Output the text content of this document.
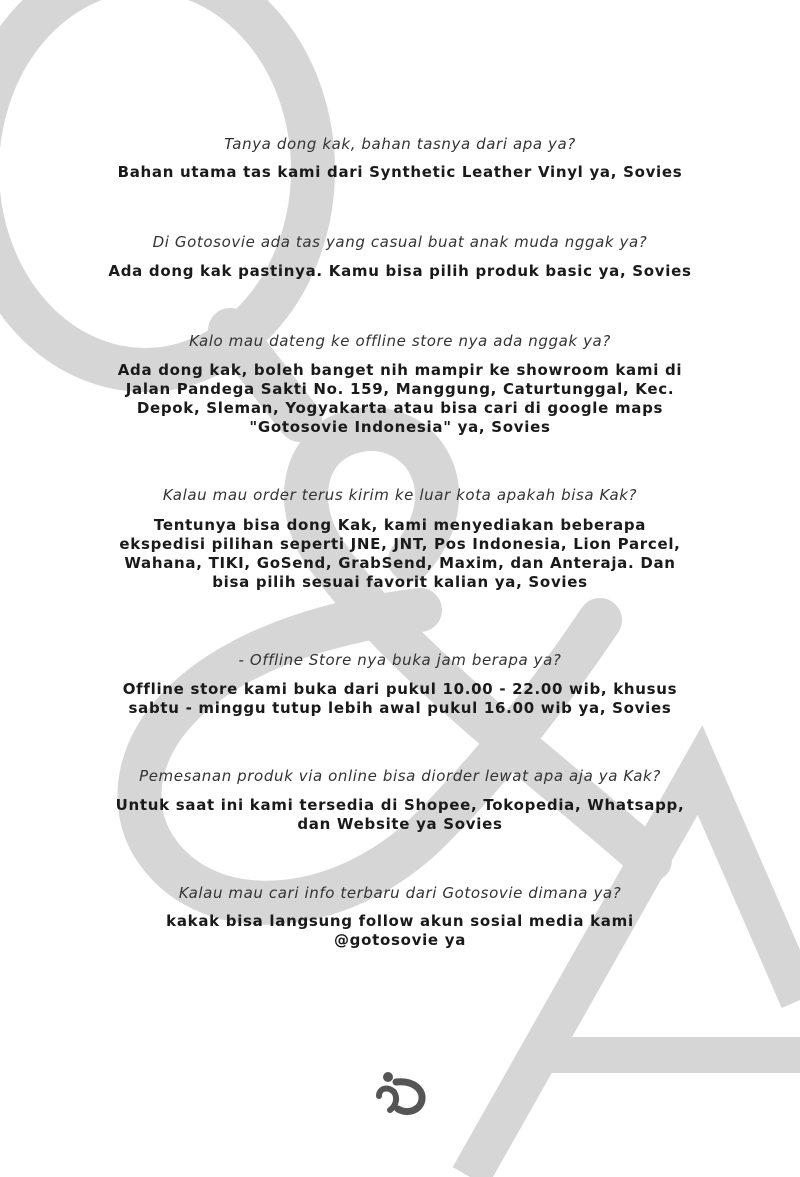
Tanya dong kak, bahan tasnya dari apa ya?

Bahan utama tas kami dari Synthetic Leather Vinyl ya, Sovies

Di Gotosovie ada tas yang casual buat anak muda nggak ya?

Ada dong kak pastinya. Kamu bisa pilih produk basic ya, Sovies

Kalo mau dateng ke offline store nya ada nggak ya?

Ada dong kak, boleh banget nih mampir ke showroom kami di
Jalan Pandega Sakti No. 159, Manggung, Caturtunggal, Kec.
Depok, Sleman, Yogyakarta atau bisa cari di google maps
"Gotosovie Indonesia" ya, Sovies

Kalau mau order terus kirim ke luar kota apakah bisa Kak?

Tentunya bisa dong Kak, kami menyediakan beberapa
ekspedisi pilihan seperti JNE, JNT, Pos Indonesia, Lion Parcel,
Wahana, TIKI, GoSend, GrabSend, Maxim, dan Anteraja. Dan
bisa pilih sesuai favorit kalian ya, Sovies

- Offline Store nya buka jam berapa ya?

Offline store kami buka dari pukul 10.00 - 22.00 wib, khusus
sabtu - minggu tutup lebih awal pukul 16.00 wib ya, Sovies

Pemesanan produk via online bisa diorder lewat apa aja ya Kak?

Untuk saat ini kami tersedia di Shopee, Tokopedia, Whatsapp,
dan Website ya Sovies

Kalau mau cari info terbaru dari Gotosovie dimana ya?

kakak bisa langsung follow akun sosial media kami
@gotosovie ya
